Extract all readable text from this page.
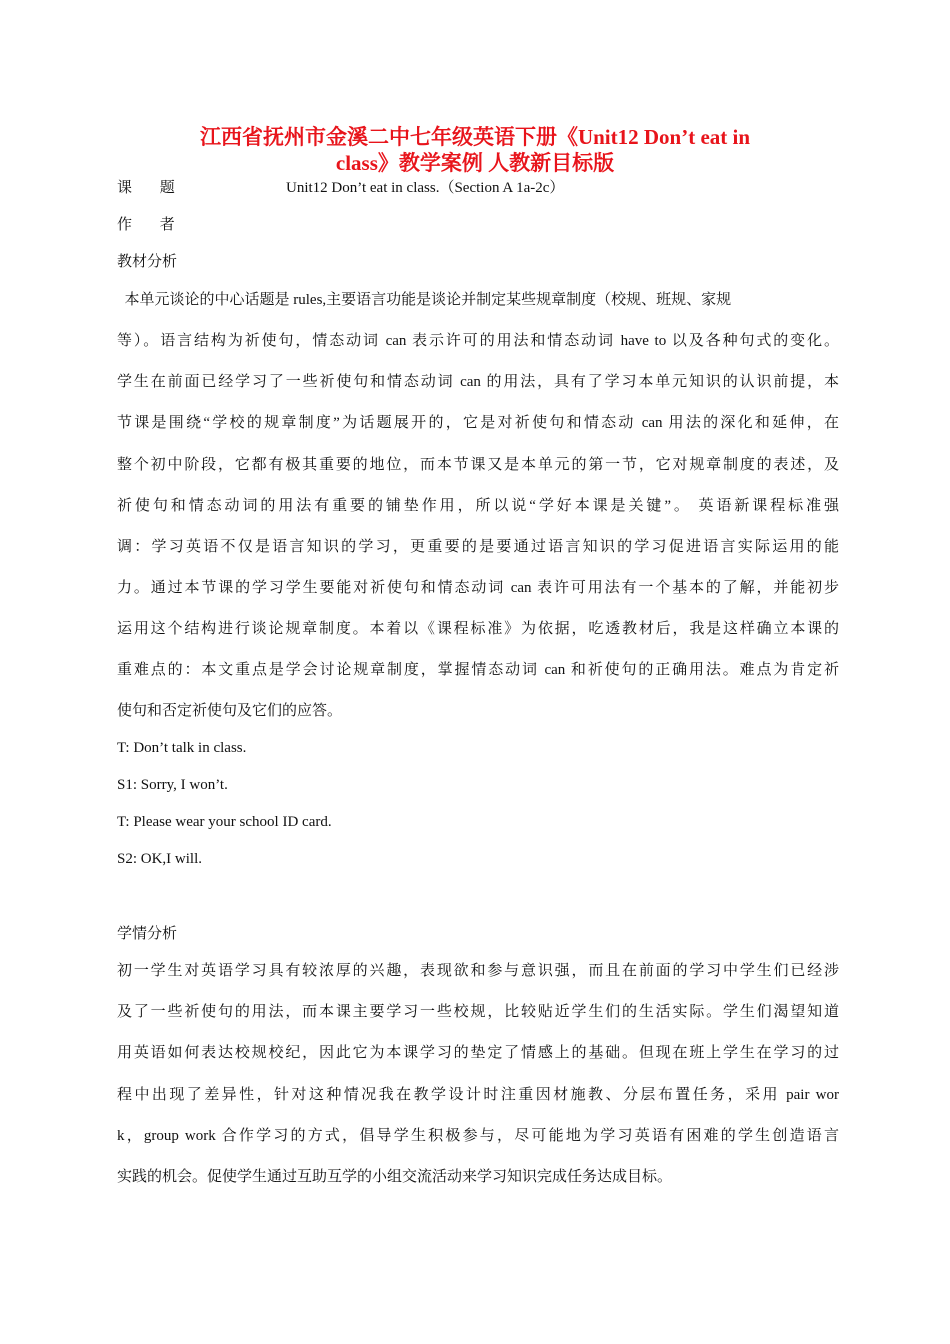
江西省抚州市金溪二中七年级英语下册《Unit12 Don’t eat in
class》教学案例 人教新目标版

课 题	Unit12 Don’t eat in class.（Section A 1a-2c）

作 者

教材分析

本单元谈论的中心话题是 rules,主要语言功能是谈论并制定某些规章制度（校规、班规、家规

等）。语言结构为祈使句，情态动词 can 表示许可的用法和情态动词 have to 以及各种句式的变化。

学生在前面已经学习了一些祈使句和情态动词 can 的用法，具有了学习本单元知识的认识前提，本

节课是围绕“学校的规章制度”为话题展开的，它是对祈使句和情态动 can 用法的深化和延伸，在

整个初中阶段，它都有极其重要的地位，而本节课又是本单元的第一节，它对规章制度的表述，及

祈使句和情态动词的用法有重要的铺垫作用，所以说“学好本课是关键”。 英语新课程标准强

调：学习英语不仅是语言知识的学习，更重要的是要通过语言知识的学习促进语言实际运用的能

力。通过本节课的学习学生要能对祈使句和情态动词 can 表许可用法有一个基本的了解，并能初步

运用这个结构进行谈论规章制度。本着以《课程标准》为依据，吃透教材后，我是这样确立本课的

重难点的：本文重点是学会讨论规章制度，掌握情态动词 can 和祈使句的正确用法。难点为肯定祈

使句和否定祈使句及它们的应答。

T: Don’t talk in class.

S1: Sorry, I won’t.

T: Please wear your school ID card.

S2: OK,I will.

学情分析

初一学生对英语学习具有较浓厚的兴趣，表现欲和参与意识强，而且在前面的学习中学生们已经涉

及了一些祈使句的用法，而本课主要学习一些校规，比较贴近学生们的生活实际。学生们渴望知道

用英语如何表达校规校纪，因此它为本课学习的垫定了情感上的基础。但现在班上学生在学习的过

程中出现了差异性，针对这种情况我在教学设计时注重因材施教、分层布置任务，采用 pair wor

k，group work 合作学习的方式，倡导学生积极参与，尽可能地为学习英语有困难的学生创造语言

实践的机会。促使学生通过互助互学的小组交流活动来学习知识完成任务达成目标。
